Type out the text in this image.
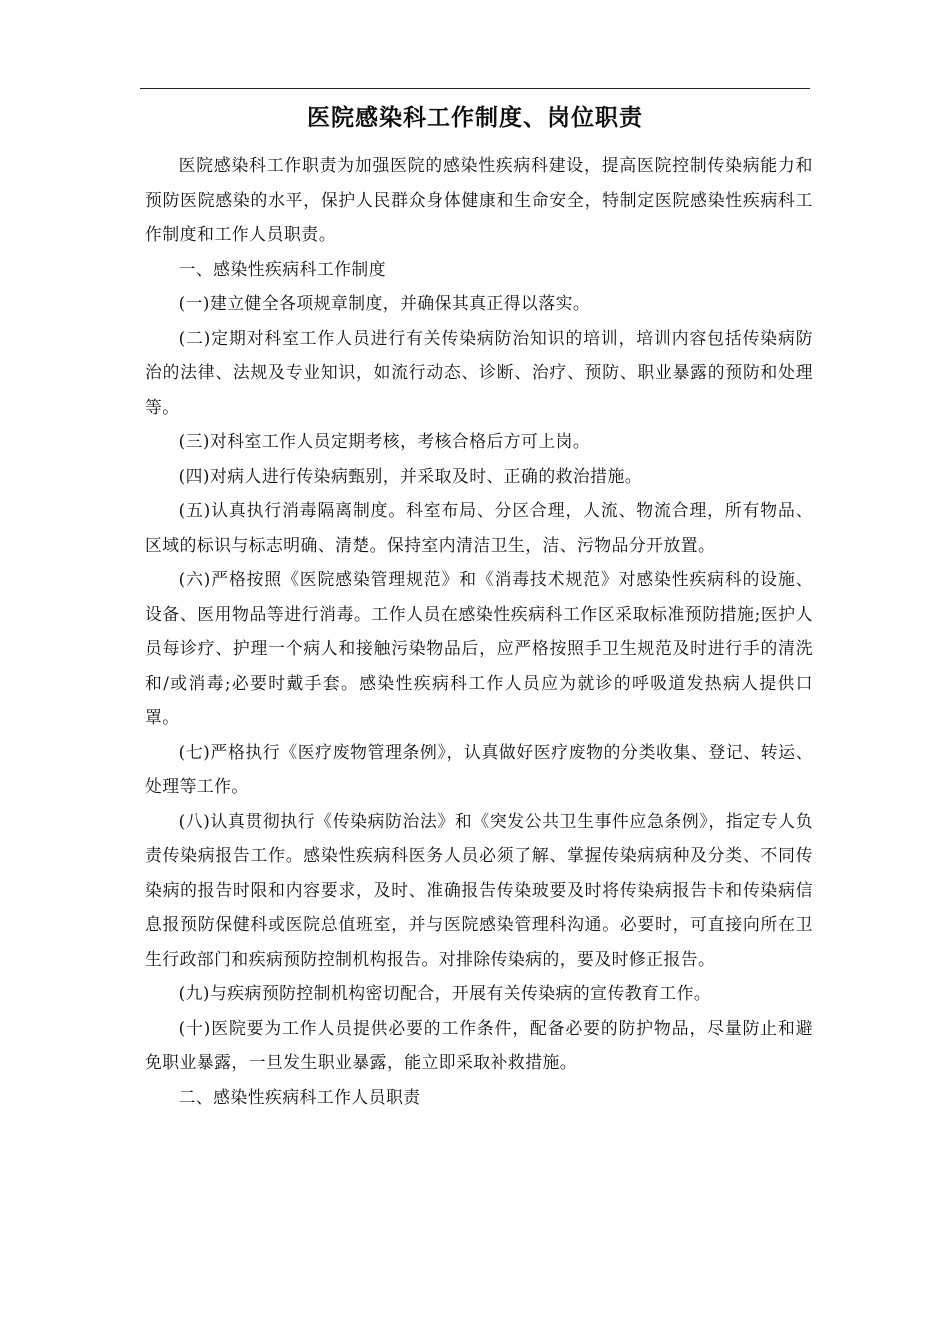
医院感染科工作制度、岗位职责

医院感染科工作职责为加强医院的感染性疾病科建设，提高医院控制传染病能力和预防医院感染的水平，保护人民群众身体健康和生命安全，特制定医院感染性疾病科工作制度和工作人员职责。

一、感染性疾病科工作制度

(一)建立健全各项规章制度，并确保其真正得以落实。

(二)定期对科室工作人员进行有关传染病防治知识的培训，培训内容包括传染病防治的法律、法规及专业知识，如流行动态、诊断、治疗、预防、职业暴露的预防和处理等。

(三)对科室工作人员定期考核，考核合格后方可上岗。

(四)对病人进行传染病甄别，并采取及时、正确的救治措施。

(五)认真执行消毒隔离制度。科室布局、分区合理，人流、物流合理，所有物品、区域的标识与标志明确、清楚。保持室内清洁卫生，洁、污物品分开放置。

(六)严格按照《医院感染管理规范》和《消毒技术规范》对感染性疾病科的设施、设备、医用物品等进行消毒。工作人员在感染性疾病科工作区采取标准预防措施;医护人员每诊疗、护理一个病人和接触污染物品后，应严格按照手卫生规范及时进行手的清洗和/或消毒;必要时戴手套。感染性疾病科工作人员应为就诊的呼吸道发热病人提供口罩。

(七)严格执行《医疗废物管理条例》，认真做好医疗废物的分类收集、登记、转运、处理等工作。

(八)认真贯彻执行《传染病防治法》和《突发公共卫生事件应急条例》，指定专人负责传染病报告工作。感染性疾病科医务人员必须了解、掌握传染病病种及分类、不同传染病的报告时限和内容要求，及时、准确报告传染玻要及时将传染病报告卡和传染病信息报预防保健科或医院总值班室，并与医院感染管理科沟通。必要时，可直接向所在卫生行政部门和疾病预防控制机构报告。对排除传染病的，要及时修正报告。

(九)与疾病预防控制机构密切配合，开展有关传染病的宣传教育工作。

(十)医院要为工作人员提供必要的工作条件，配备必要的防护物品，尽量防止和避免职业暴露，一旦发生职业暴露，能立即采取补救措施。

二、感染性疾病科工作人员职责
